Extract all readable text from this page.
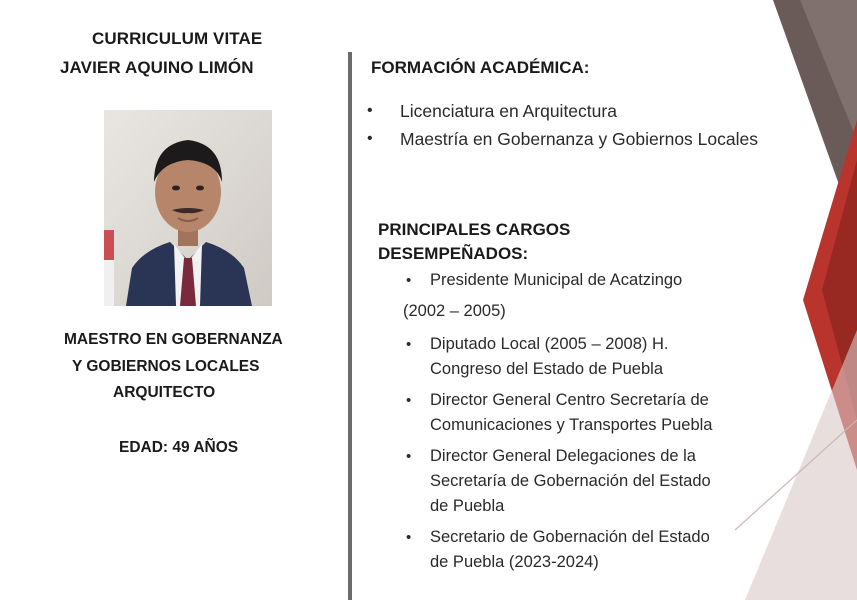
CURRICULUM VITAE
JAVIER AQUINO LIMÓN
MAESTRO EN GOBERNANZA
Y GOBIERNOS LOCALES
ARQUITECTO
EDAD: 49 AÑOS
FORMACIÓN ACADÉMICA:
• Licenciatura en Arquitectura
• Maestría en Gobernanza y Gobiernos Locales
PRINCIPALES CARGOS
DESEMPEÑADOS:
• Presidente Municipal de Acatzingo
(2002 – 2005)
• Diputado Local (2005 – 2008) H.
Congreso del Estado de Puebla
• Director General Centro Secretaría de
Comunicaciones y Transportes Puebla
• Director General Delegaciones de la
Secretaría de Gobernación del Estado
de Puebla
• Secretario de Gobernación del Estado
de Puebla (2023-2024)
